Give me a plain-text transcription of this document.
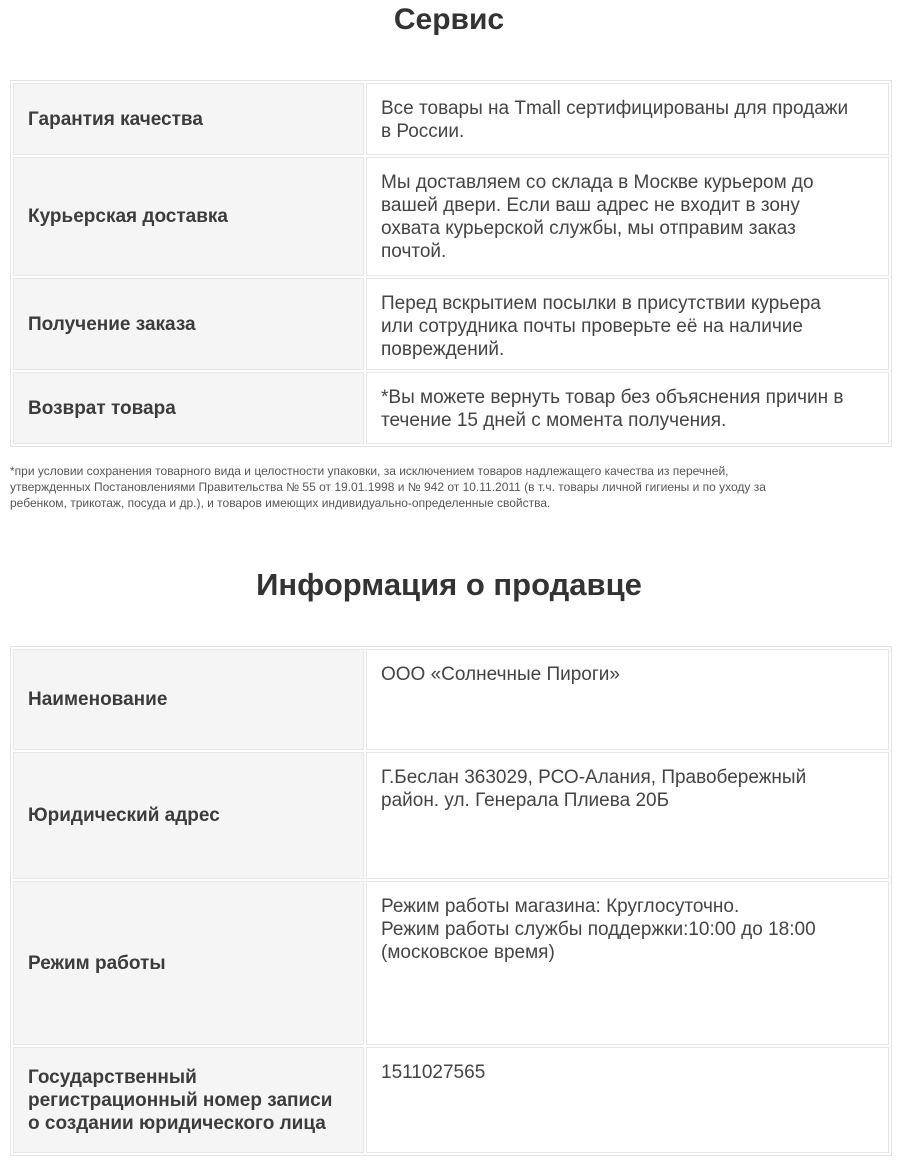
Сервис
Гарантия качества	Все товары на Tmall сертифицированы для продажи
в России.
Курьерская доставка
Мы доставляем со склада в Москве курьером до
вашей двери. Если ваш адрес не входит в зону
охвата курьерской службы, мы отправим заказ
почтой.
Получение заказа
Перед вскрытием посылки в присутствии курьера
или сотрудника почты проверьте её на наличие
повреждений.
Возврат товара	*Вы можете вернуть товар без объяснения причин в
течение 15 дней с момента получения.
*при условии сохранения товарного вида и целостности упаковки, за исключением товаров надлежащего качества из перечней,
утвержденных Постановлениями Правительства № 55 от 19.01.1998 и № 942 от 10.11.2011 (в т.ч. товары личной гигиены и по уходу за
ребенком, трикотаж, посуда и др.), и товаров имеющих индивидуально-определенные свойства.
Информация о продавце
Наименование
ООО «Солнечные Пироги»
Юридический адрес
Г.Беслан 363029, РСО-Алания, Правобережный
район. ул. Генерала Плиева 20Б
Режим работы
Режим работы магазина: Круглосуточно.
Режим работы службы поддержки:10:00 до 18:00
(московское время)
Государственный
регистрационный номер записи
о создании юридического лица
1511027565
